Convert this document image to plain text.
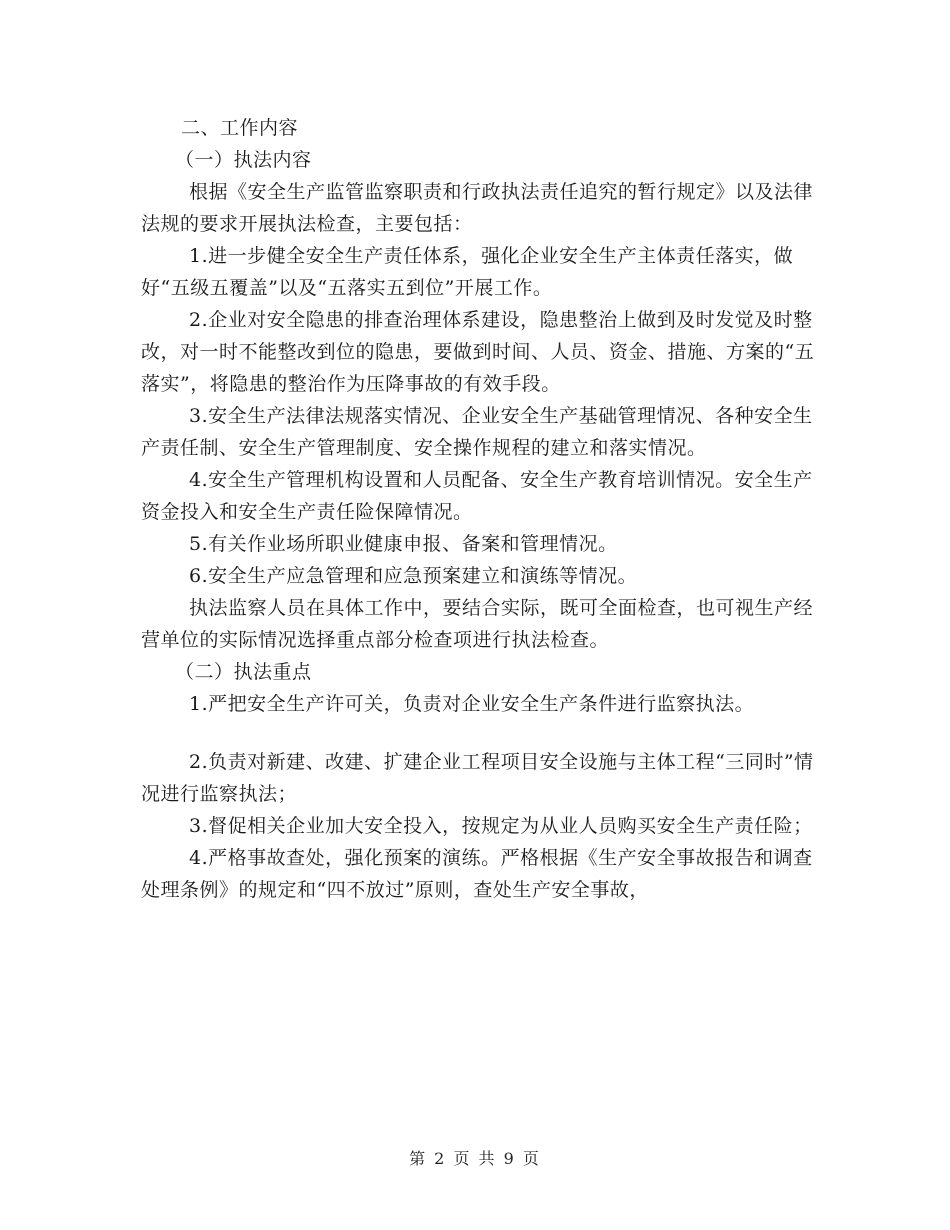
二、工作内容

（一）执法内容

根据《安全生产监管监察职责和行政执法责任追究的暂行规定》以及法律法规的要求开展执法检查，主要包括：

1.进一步健全安全生产责任体系，强化企业安全生产主体责任落实，做好“五级五覆盖”以及“五落实五到位”开展工作。

2.企业对安全隐患的排查治理体系建设，隐患整治上做到及时发觉及时整改，对一时不能整改到位的隐患，要做到时间、人员、资金、措施、方案的“五落实”，将隐患的整治作为压降事故的有效手段。

3.安全生产法律法规落实情况、企业安全生产基础管理情况、各种安全生产责任制、安全生产管理制度、安全操作规程的建立和落实情况。

4.安全生产管理机构设置和人员配备、安全生产教育培训情况。安全生产资金投入和安全生产责任险保障情况。

5.有关作业场所职业健康申报、备案和管理情况。

6.安全生产应急管理和应急预案建立和演练等情况。

执法监察人员在具体工作中，要结合实际，既可全面检查，也可视生产经营单位的实际情况选择重点部分检查项进行执法检查。

（二）执法重点

1.严把安全生产许可关，负责对企业安全生产条件进行监察执法。

2.负责对新建、改建、扩建企业工程项目安全设施与主体工程“三同时”情况进行监察执法；

3.督促相关企业加大安全投入，按规定为从业人员购买安全生产责任险；

4.严格事故查处，强化预案的演练。严格根据《生产安全事故报告和调查处理条例》的规定和“四不放过”原则，查处生产安全事故，

第 2 页 共 9 页
